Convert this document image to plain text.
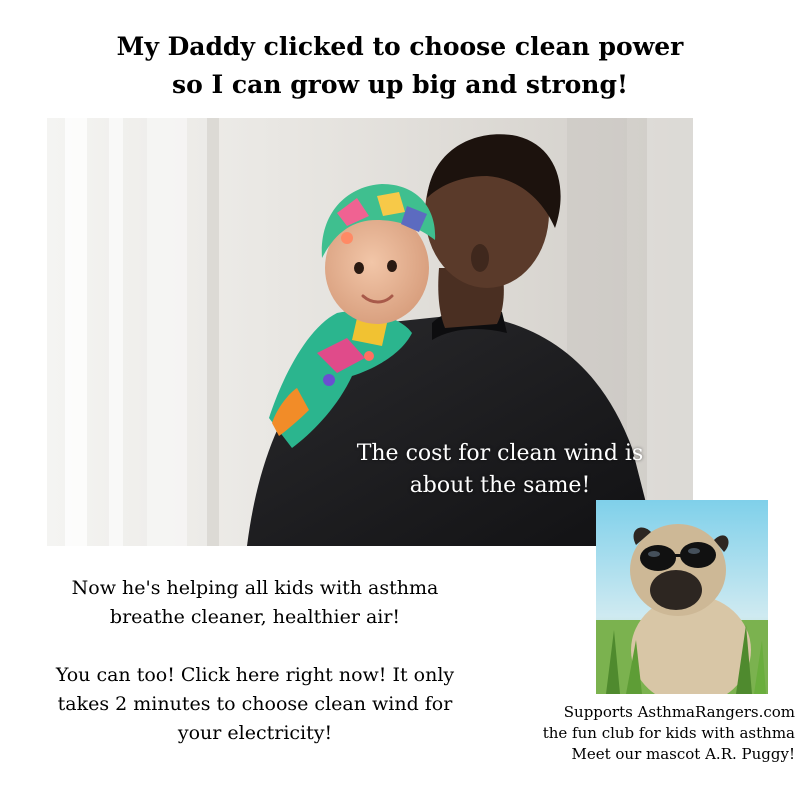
My Daddy clicked to choose clean power
so I can grow up big and strong!
The cost for clean wind is
about the same!
Now he's helping all kids with asthma
breathe cleaner, healthier air!
You can too! Click here right now! It only
takes 2 minutes to choose clean wind for
your electricity!
Supports AsthmaRangers.com
the fun club for kids with asthma
Meet our mascot A.R. Puggy!
